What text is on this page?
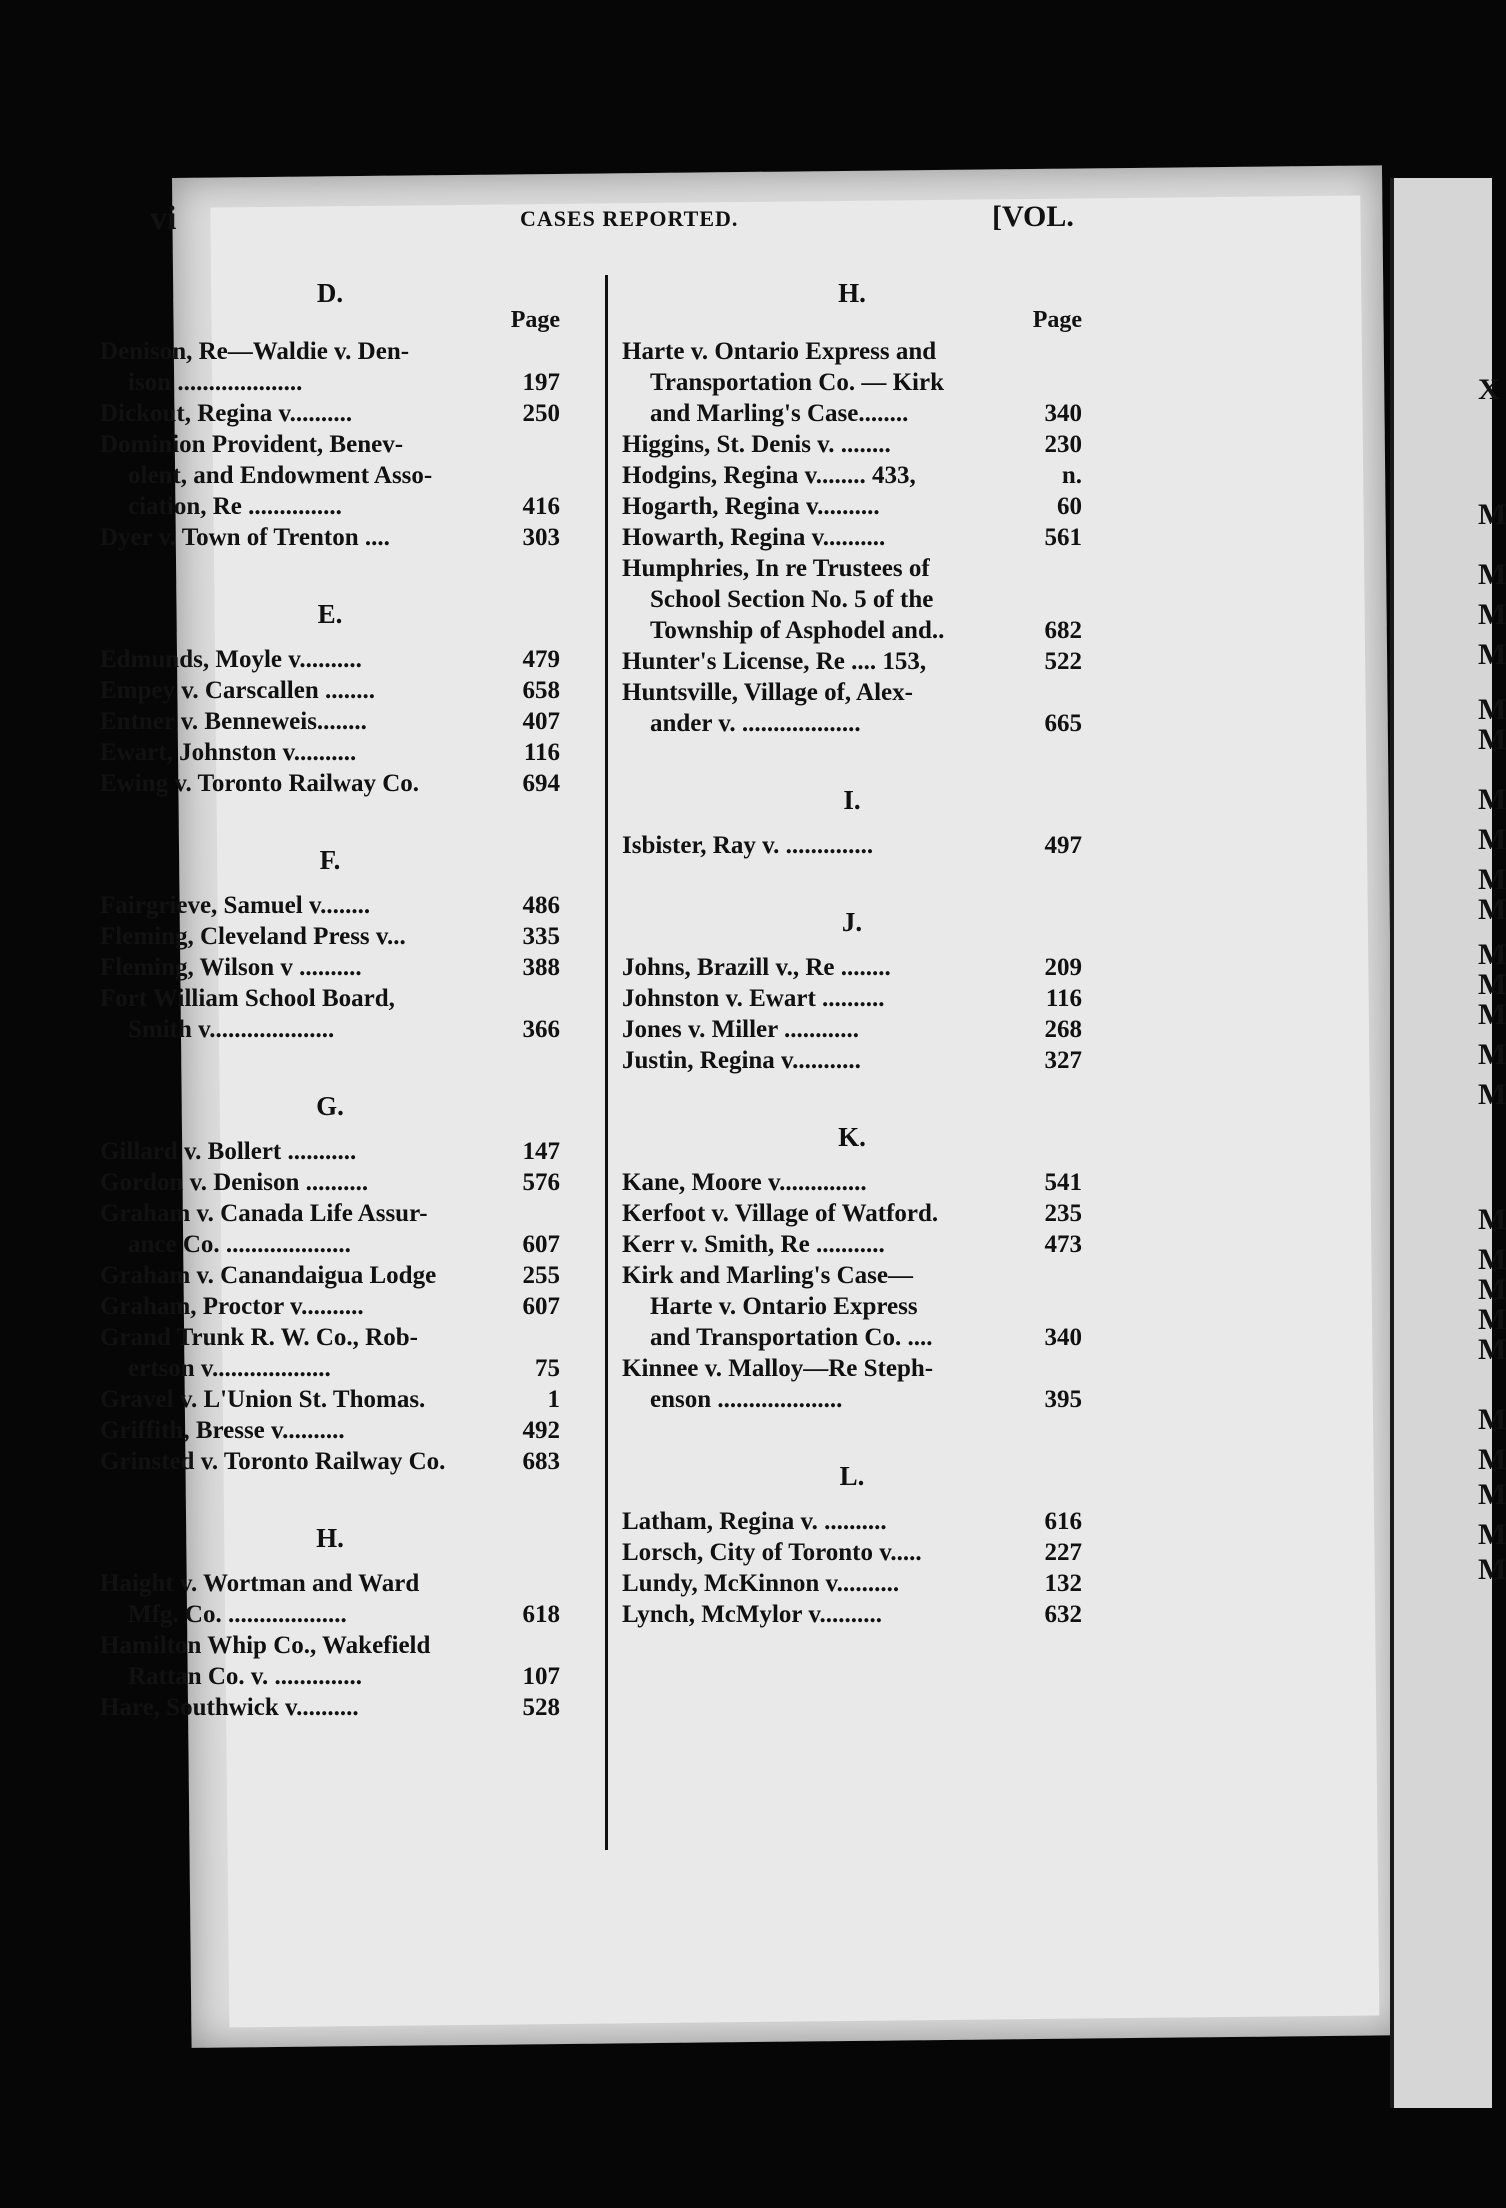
X
M
M
M
M
M
M
M
M
M
M
M
M
M
M
M
M
M
M
M
M
M
M
M
M
M
vi	CASES REPORTED.	[VOL.
D.
Page
Denison, Re—Waldie v. Den-
ison ....................	197
Dickout, Regina v..........	250
Dominion Provident, Benev-
olent, and Endowment Asso-
ciation, Re ...............	416
Dyer v. Town of Trenton ....	303
E.
Edmunds, Moyle v..........	479
Empey v. Carscallen ........	658
Entner v. Benneweis........	407
Ewart, Johnston v..........	116
Ewing v. Toronto Railway Co.	694
F.
Fairgrieve, Samuel v........	486
Fleming, Cleveland Press v...	335
Fleming, Wilson v ..........	388
Fort William School Board,
Smith v....................	366
G.
Gillard v. Bollert ...........	147
Gordon v. Denison ..........	576
Graham v. Canada Life Assur-
ance Co. ....................	607
Graham v. Canandaigua Lodge	255
Graham, Proctor v..........	607
Grand Trunk R. W. Co., Rob-
ertson v...................	75
Gravel v. L'Union St. Thomas.	1
Griffith, Bresse v..........	492
Grinsted v. Toronto Railway Co.	683
H.
Haight v. Wortman and Ward
Mfg. Co. ...................	618
Hamilton Whip Co., Wakefield
Rattan Co. v. ..............	107
Hare, Southwick v..........	528
H.
Page
Harte v. Ontario Express and
Transportation Co. — Kirk
and Marling's Case........	340
Higgins, St. Denis v. ........	230
Hodgins, Regina v........ 433,	n.
Hogarth, Regina v..........	60
Howarth, Regina v..........	561
Humphries, In re Trustees of
School Section No. 5 of the
Township of Asphodel and..	682
Hunter's License, Re .... 153,	522
Huntsville, Village of, Alex-
ander v. ...................	665
I.
Isbister, Ray v. ..............	497
J.
Johns, Brazill v., Re ........	209
Johnston v. Ewart ..........	116
Jones v. Miller ............	268
Justin, Regina v...........	327
K.
Kane, Moore v..............	541
Kerfoot v. Village of Watford.	235
Kerr v. Smith, Re ...........	473
Kirk and Marling's Case—
Harte v. Ontario Express
and Transportation Co. ....	340
Kinnee v. Malloy—Re Steph-
enson ....................	395
L.
Latham, Regina v. ..........	616
Lorsch, City of Toronto v.....	227
Lundy, McKinnon v..........	132
Lynch, McMylor v..........	632
